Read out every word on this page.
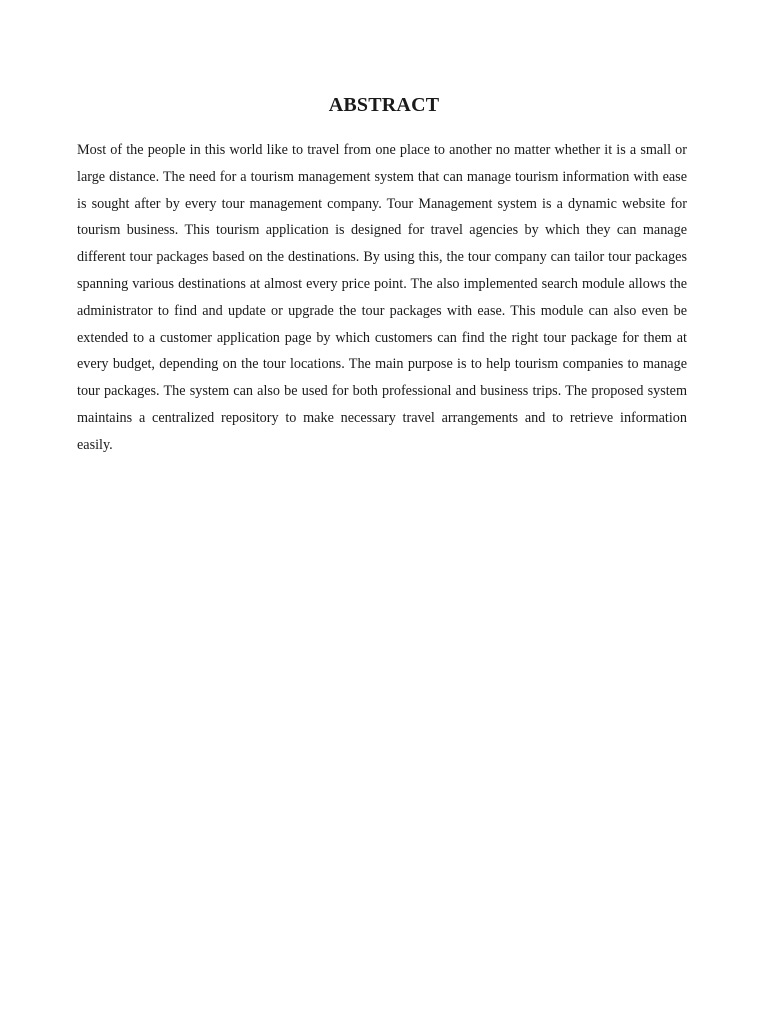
ABSTRACT

Most of the people in this world like to travel from one place to another no matter whether it is a small or large distance. The need for a tourism management system that can manage tourism information with ease is sought after by every tour management company. Tour Management system is a dynamic website for tourism business. This tourism application is designed for travel agencies by which they can manage different tour packages based on the destinations. By using this, the tour company can tailor tour packages spanning various destinations at almost every price point. The also implemented search module allows the administrator to find and update or upgrade the tour packages with ease. This module can also even be extended to a customer application page by which customers can find the right tour package for them at every budget, depending on the tour locations. The main purpose is to help tourism companies to manage tour packages. The system can also be used for both professional and business trips. The proposed system maintains a centralized repository to make necessary travel arrangements and to retrieve information easily.
